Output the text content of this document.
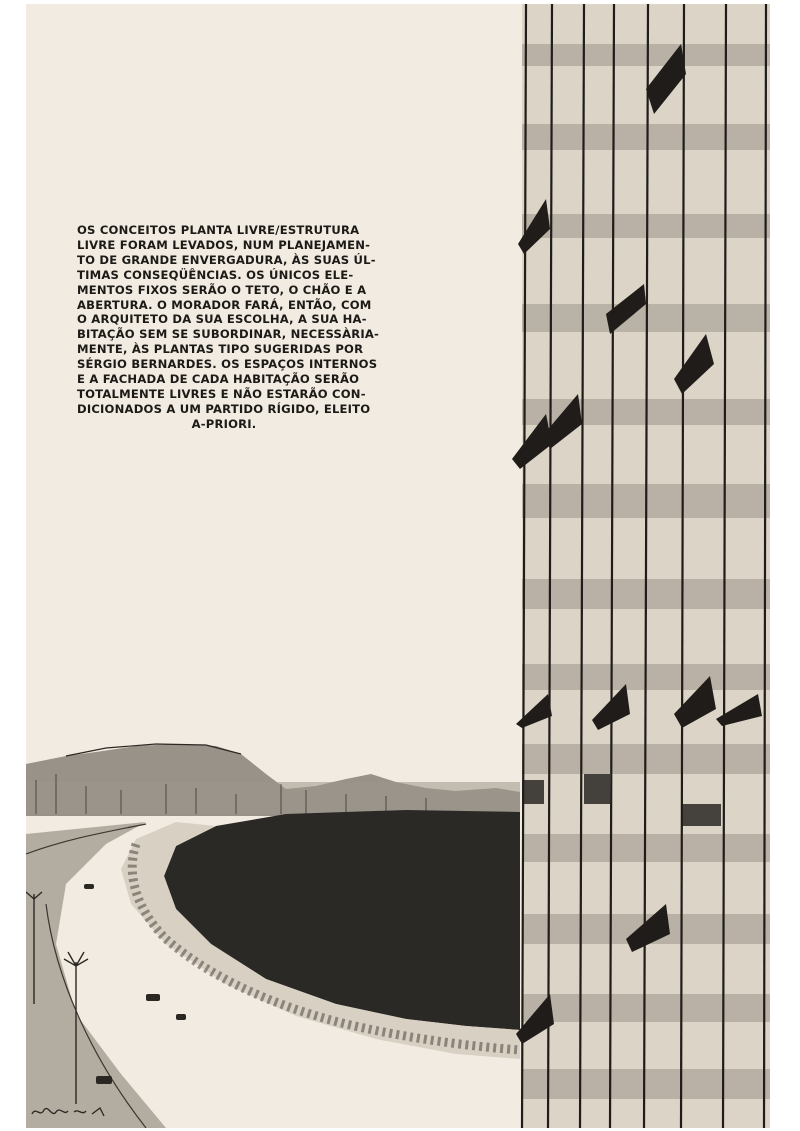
OS CONCEITOS PLANTA LIVRE/ESTRUTURA
LIVRE FORAM LEVADOS, NUM PLANEJAMEN-
TO DE GRANDE ENVERGADURA, ÀS SUAS ÚL-
TIMAS CONSEQÜÊNCIAS. OS ÚNICOS ELE-
MENTOS FIXOS SERÃO O TETO, O CHÃO E A
ABERTURA. O MORADOR FARÁ, ENTÃO, COM
O ARQUITETO DA SUA ESCOLHA, A SUA HA-
BITAÇÃO SEM SE SUBORDINAR, NECESSÀRIA-
MENTE, ÀS PLANTAS TIPO SUGERIDAS POR
SÉRGIO BERNARDES. OS ESPAÇOS INTERNOS
E A FACHADA DE CADA HABITAÇÃO SERÃO
TOTALMENTE LIVRES E NÃO ESTARÃO CON-
DICIONADOS A UM PARTIDO RÍGIDO, ELEITO
A-PRIORI.
